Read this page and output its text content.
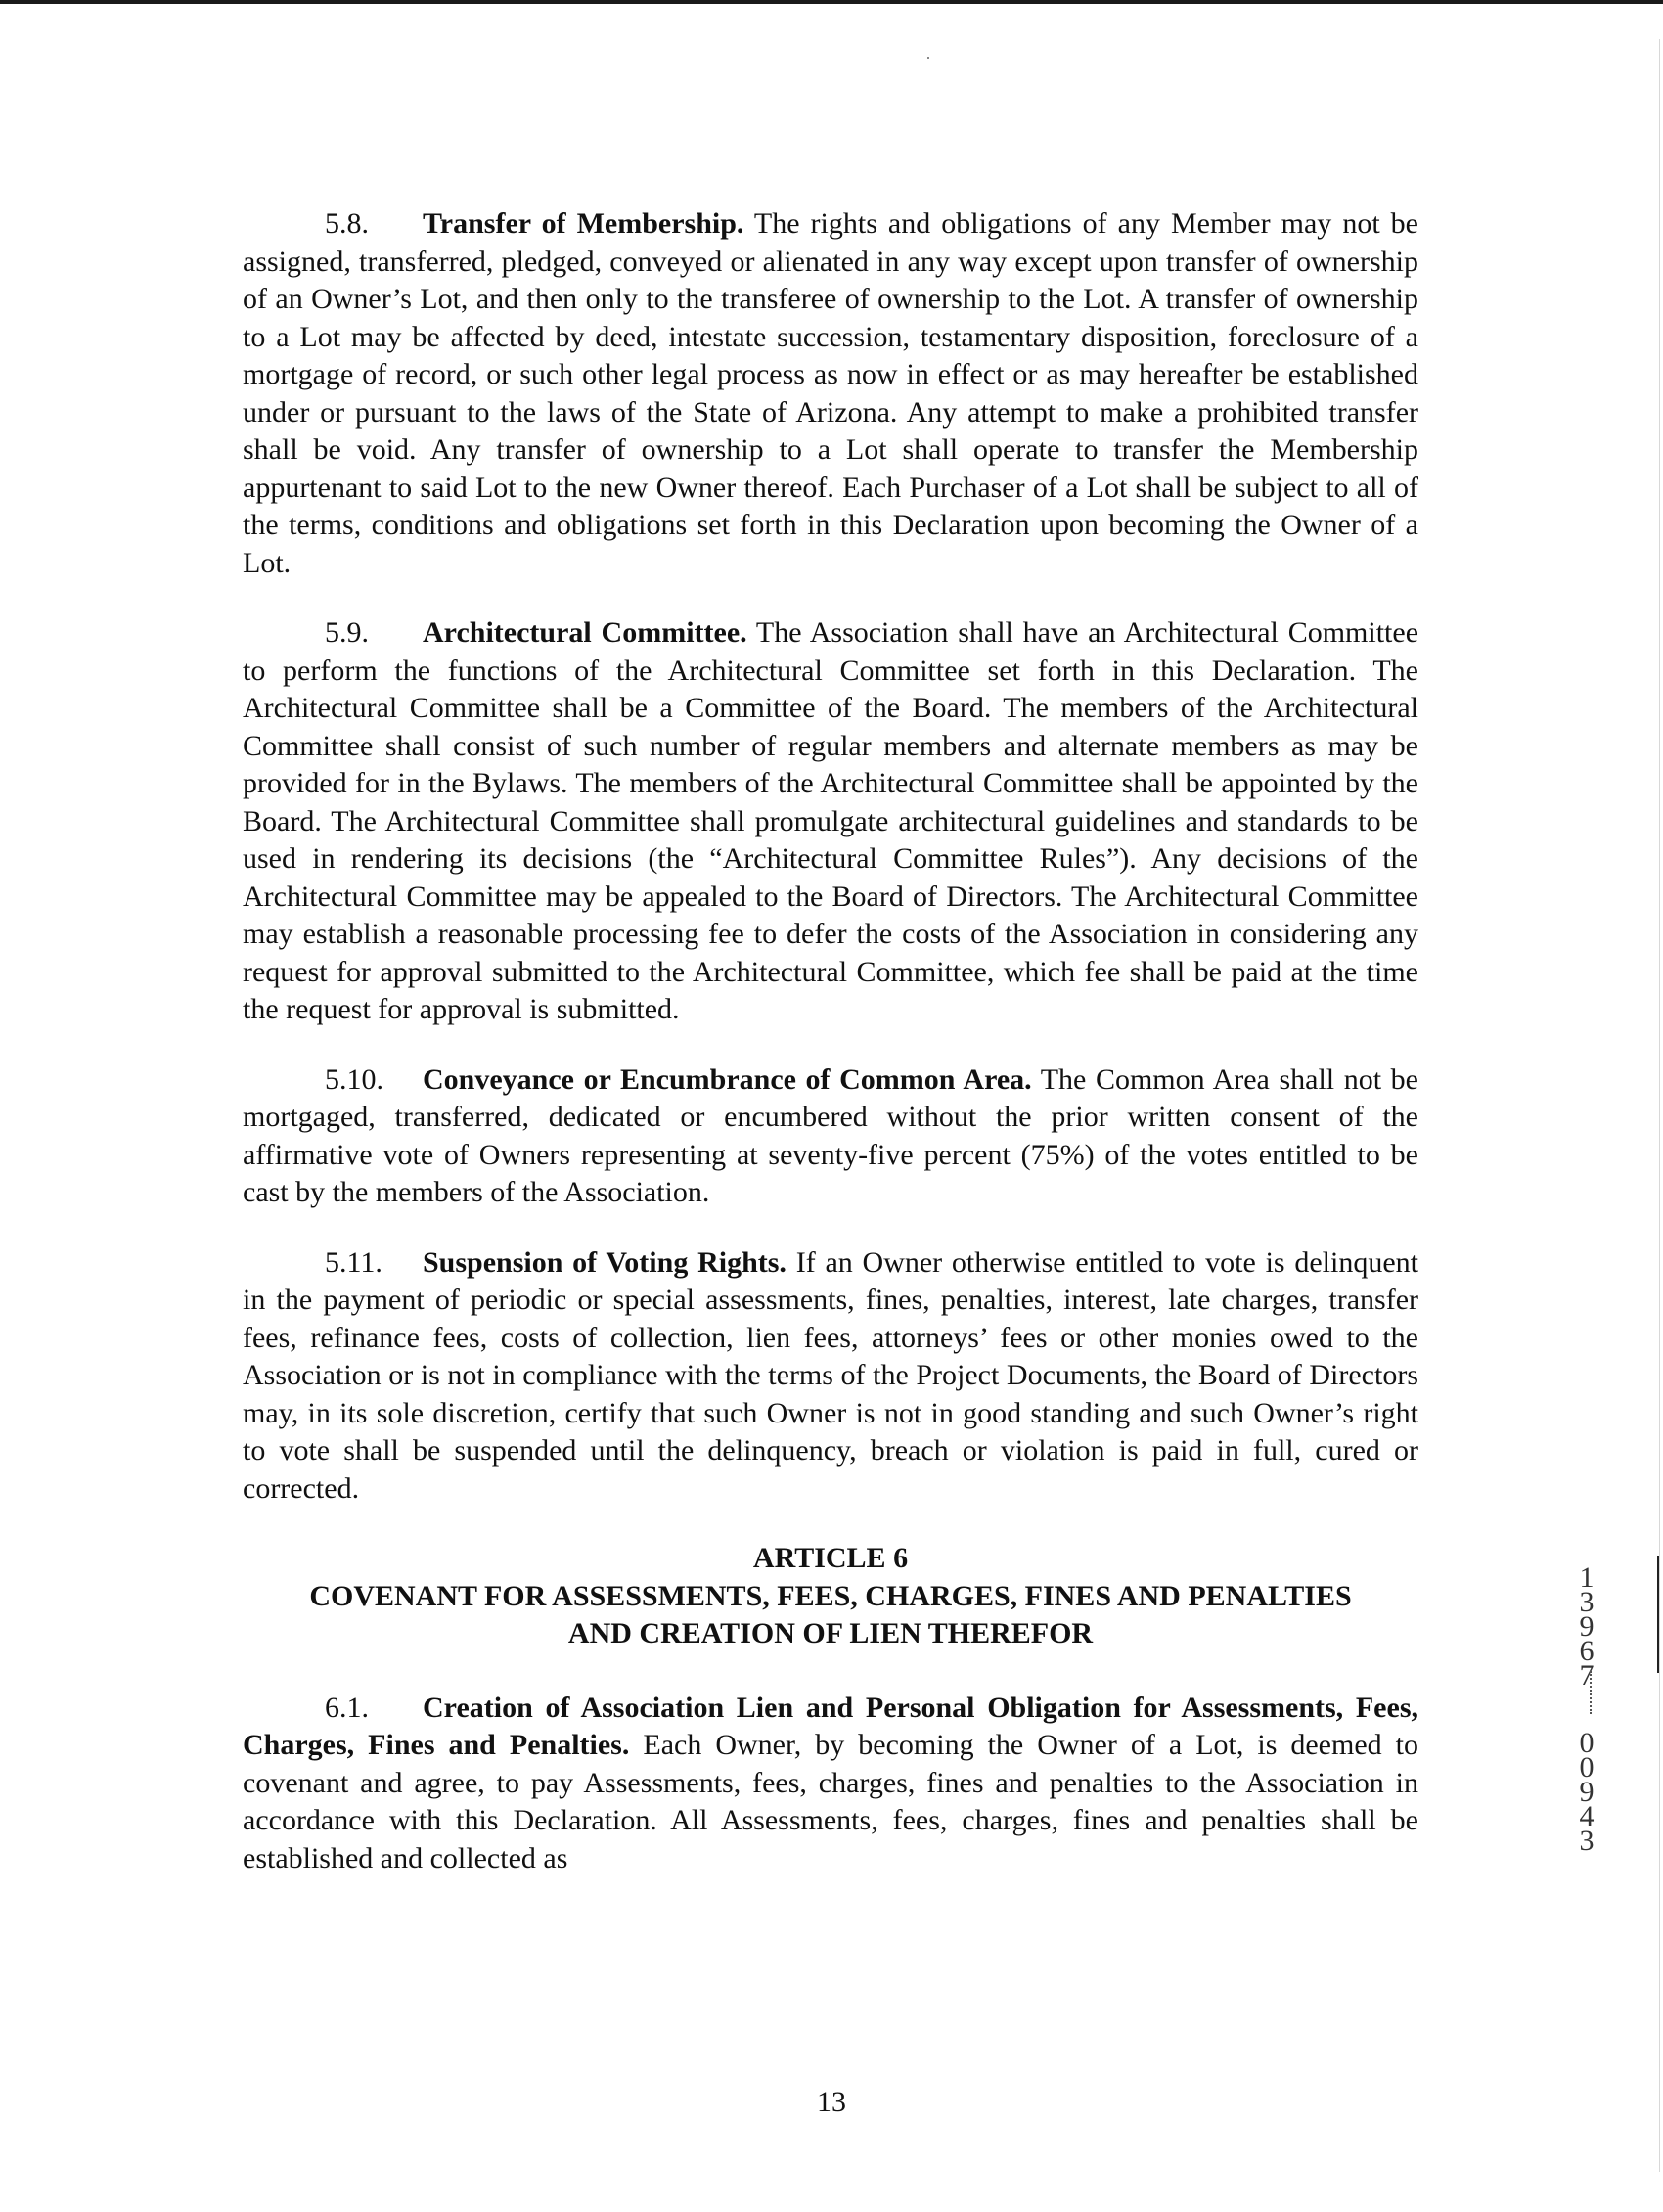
5.8. Transfer of Membership. The rights and obligations of any Member may not be assigned, transferred, pledged, conveyed or alienated in any way except upon transfer of ownership of an Owner’s Lot, and then only to the transferee of ownership to the Lot. A transfer of ownership to a Lot may be affected by deed, intestate succession, testamentary disposition, foreclosure of a mortgage of record, or such other legal process as now in effect or as may hereafter be established under or pursuant to the laws of the State of Arizona. Any attempt to make a prohibited transfer shall be void. Any transfer of ownership to a Lot shall operate to transfer the Membership appurtenant to said Lot to the new Owner thereof. Each Purchaser of a Lot shall be subject to all of the terms, conditions and obligations set forth in this Declaration upon becoming the Owner of a Lot.

5.9. Architectural Committee. The Association shall have an Architectural Committee to perform the functions of the Architectural Committee set forth in this Declaration. The Architectural Committee shall be a Committee of the Board. The members of the Architectural Committee shall consist of such number of regular members and alternate members as may be provided for in the Bylaws. The members of the Architectural Committee shall be appointed by the Board. The Architectural Committee shall promulgate architectural guidelines and standards to be used in rendering its decisions (the “Architectural Committee Rules”). Any decisions of the Architectural Committee may be appealed to the Board of Directors. The Architectural Committee may establish a reasonable processing fee to defer the costs of the Association in considering any request for approval submitted to the Architectural Committee, which fee shall be paid at the time the request for approval is submitted.

5.10. Conveyance or Encumbrance of Common Area. The Common Area shall not be mortgaged, transferred, dedicated or encumbered without the prior written consent of the affirmative vote of Owners representing at seventy-five percent (75%) of the votes entitled to be cast by the members of the Association.

5.11. Suspension of Voting Rights. If an Owner otherwise entitled to vote is delinquent in the payment of periodic or special assessments, fines, penalties, interest, late charges, transfer fees, refinance fees, costs of collection, lien fees, attorneys’ fees or other monies owed to the Association or is not in compliance with the terms of the Project Documents, the Board of Directors may, in its sole discretion, certify that such Owner is not in good standing and such Owner’s right to vote shall be suspended until the delinquency, breach or violation is paid in full, cured or corrected.

ARTICLE 6
COVENANT FOR ASSESSMENTS, FEES, CHARGES, FINES AND PENALTIES
AND CREATION OF LIEN THEREFOR

6.1. Creation of Association Lien and Personal Obligation for Assessments, Fees, Charges, Fines and Penalties. Each Owner, by becoming the Owner of a Lot, is deemed to covenant and agree, to pay Assessments, fees, charges, fines and penalties to the Association in accordance with this Declaration. All Assessments, fees, charges, fines and penalties shall be established and collected as

13
1
3
9
6
7
0
0
9
4
3
